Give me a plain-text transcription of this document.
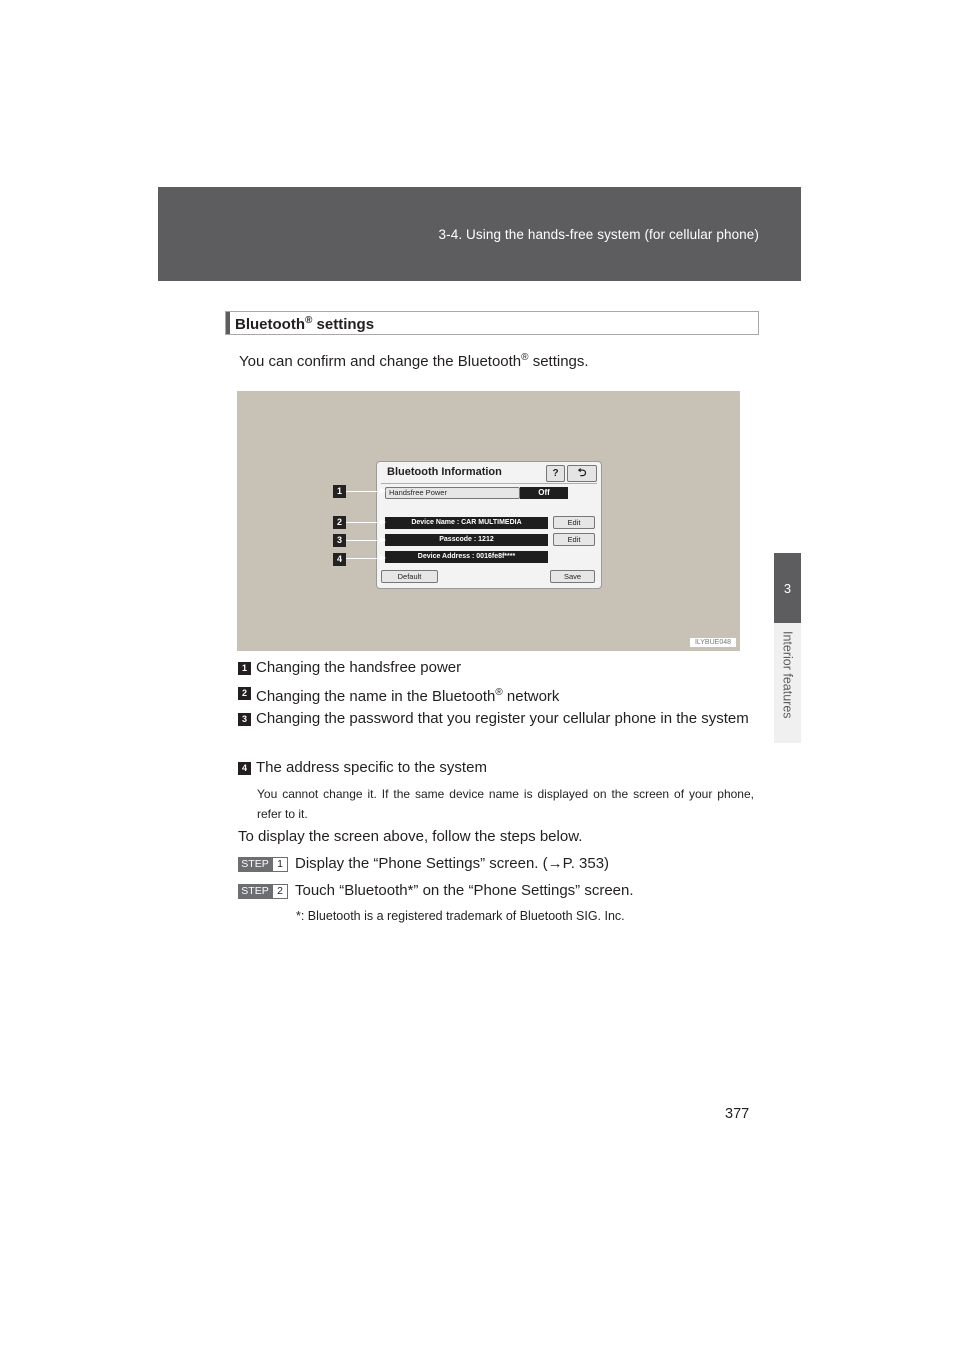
3-4. Using the hands-free system (for cellular phone)
3
Interior features
Bluetooth® settings
You can confirm and change the Bluetooth® settings.
Bluetooth Information	?	⮌
Handsfree Power	Off
Device Name : CAR MULTIMEDIA	Edit
Passcode : 1212	Edit
Device Address : 0016fe8f****
Default	Save
1
2
3
4
ILYBUE048
1 Changing the handsfree power
2 Changing the name in the Bluetooth® network
3 Changing the password that you register your cellular phone in the system
4 The address specific to the system
You cannot change it. If the same device name is displayed on the screen of your phone, refer to it.
To display the screen above, follow the steps below.
STEP 1 Display the “Phone Settings” screen. (→P. 353)
STEP 2 Touch “Bluetooth*” on the “Phone Settings” screen.
*: Bluetooth is a registered trademark of Bluetooth SIG. Inc.
377
